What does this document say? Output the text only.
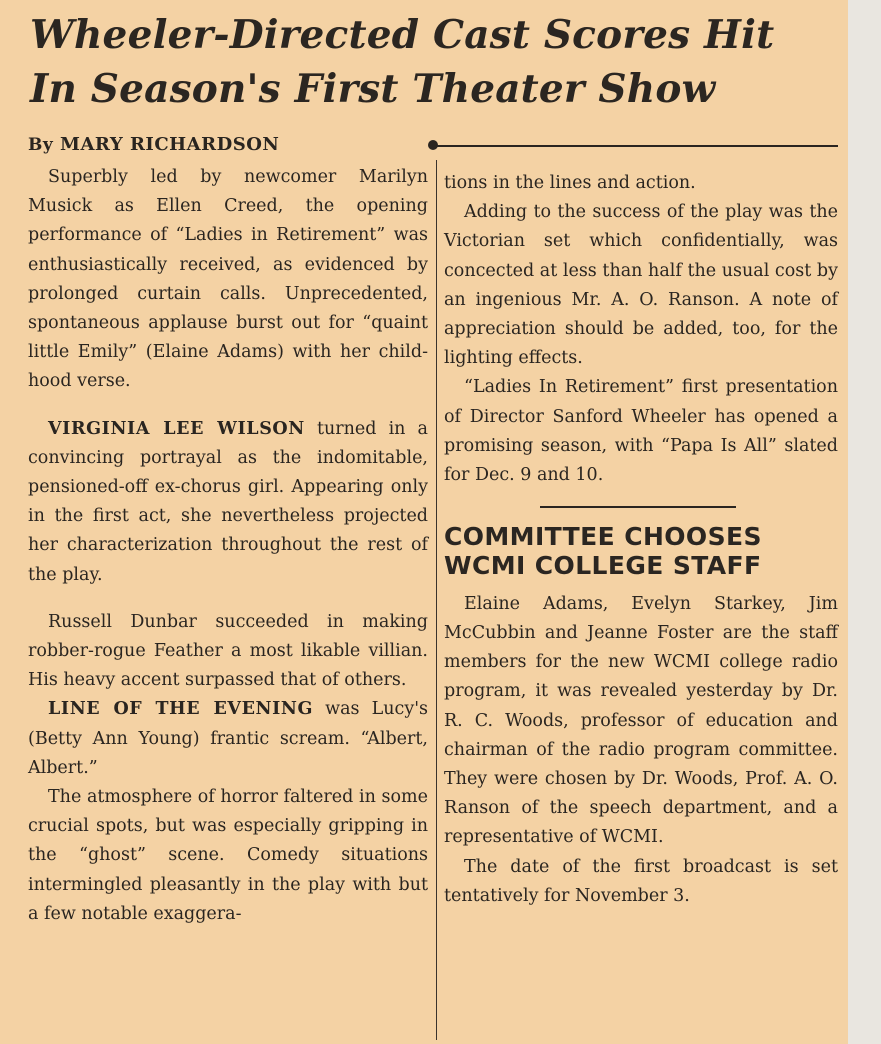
Wheeler-Directed Cast Scores Hit
In Season's First Theater Show
By MARY RICHARDSON

Superbly led by newcomer Marilyn Musick as Ellen Creed, the opening performance of “Ladies in Retirement” was enthusiastically received, as evidenced by prolonged curtain calls. Unprecedented, spontaneous applause burst out for “quaint little Emily” (Elaine Adams) with her child-hood verse.

VIRGINIA LEE WILSON turned in a convincing portrayal as the indomitable, pensioned-off ex-chorus girl. Appearing only in the first act, she nevertheless projected her characterization throughout the rest of the play.

Russell Dunbar succeeded in making robber-rogue Feather a most likable villian. His heavy accent surpassed that of others.

LINE OF THE EVENING was Lucy's (Betty Ann Young) frantic scream. “Albert, Albert.”

The atmosphere of horror faltered in some crucial spots, but was especially gripping in the “ghost” scene. Comedy situations intermingled pleasantly in the play with but a few notable exaggera-

tions in the lines and action.

Adding to the success of the play was the Victorian set which confidentially, was concected at less than half the usual cost by an ingenious Mr. A. O. Ranson. A note of appreciation should be added, too, for the lighting effects.

“Ladies In Retirement” first presentation of Director Sanford Wheeler has opened a promising season, with “Papa Is All” slated for Dec. 9 and 10.

COMMITTEE CHOOSES
WCMI COLLEGE STAFF

Elaine Adams, Evelyn Starkey, Jim McCubbin and Jeanne Foster are the staff members for the new WCMI college radio program, it was revealed yesterday by Dr. R. C. Woods, professor of education and chairman of the radio program committee. They were chosen by Dr. Woods, Prof. A. O. Ranson of the speech department, and a representative of WCMI.

The date of the first broadcast is set tentatively for November 3.
